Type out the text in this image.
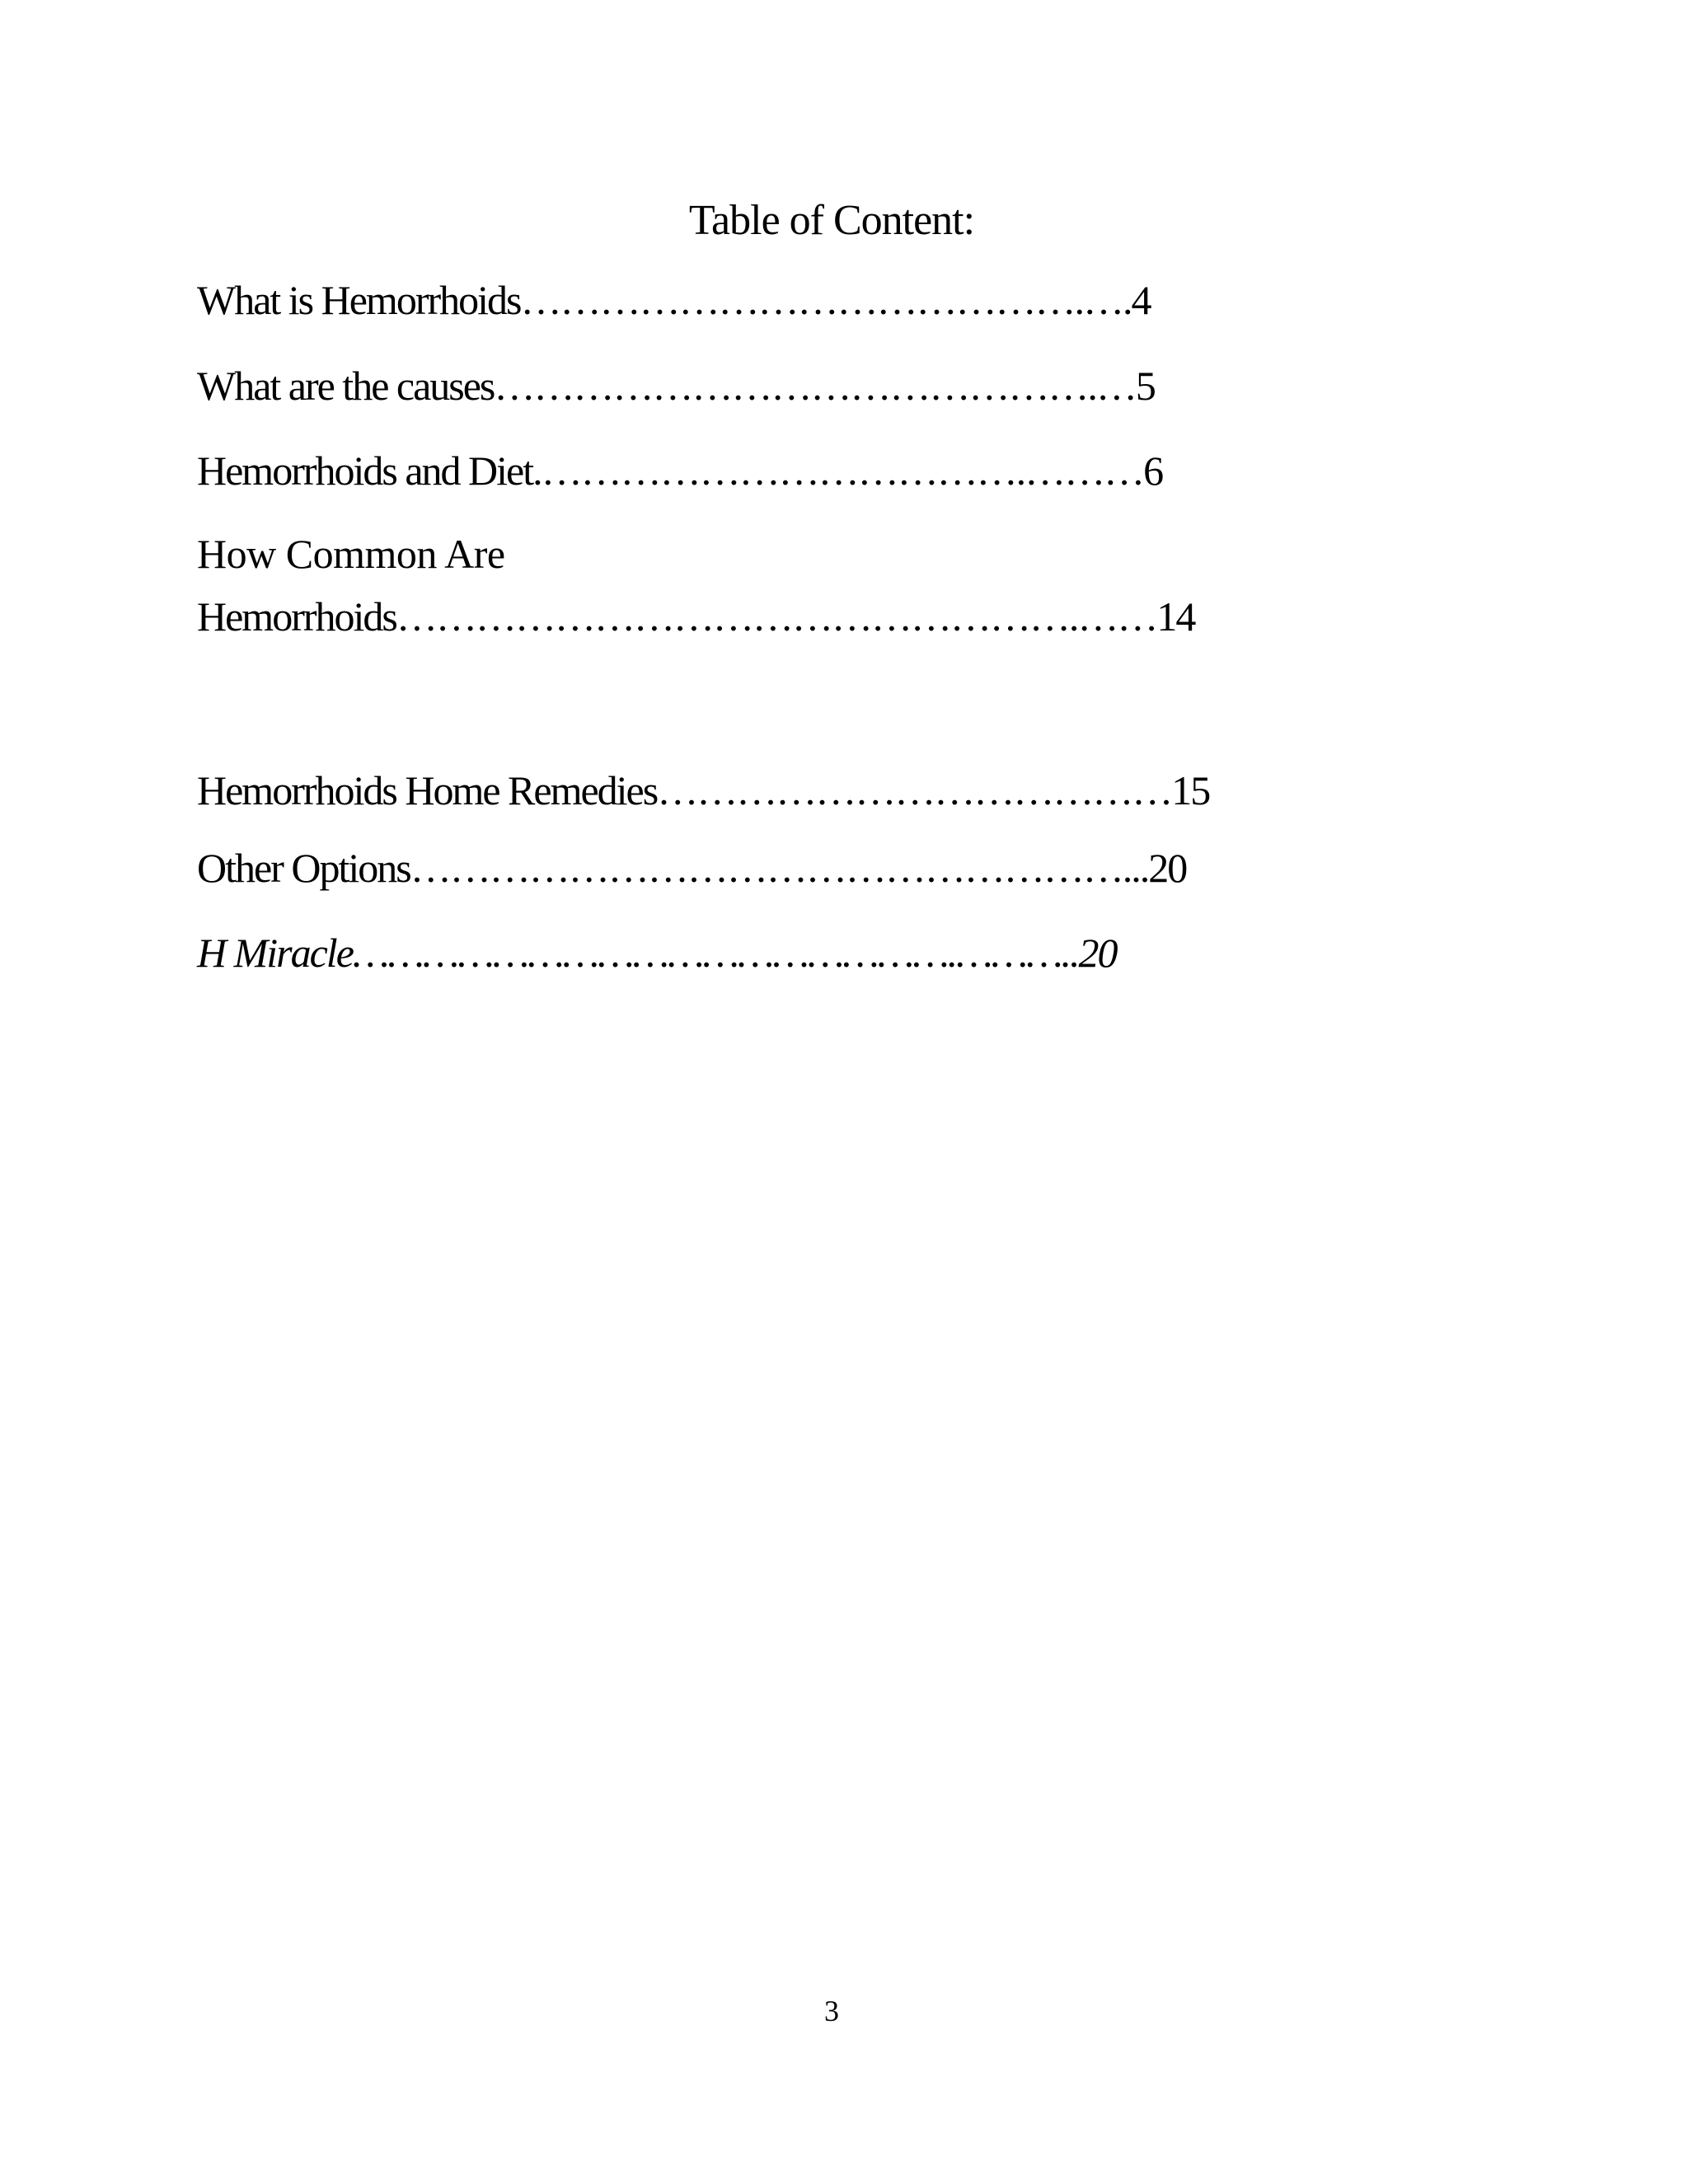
Table of Content:
What is Hemorrhoids…………………………………….….4
What are the causes……………………………………….…5
Hemorrhoids and Diet.……………………………….………6
How Common Are
Hemorrhoids…………………………………………….……14
Hemorrhoids Home Remedies…………………………………15
Other Options………………………………………………...20
H Miracle…………………………………………….………..20
3
